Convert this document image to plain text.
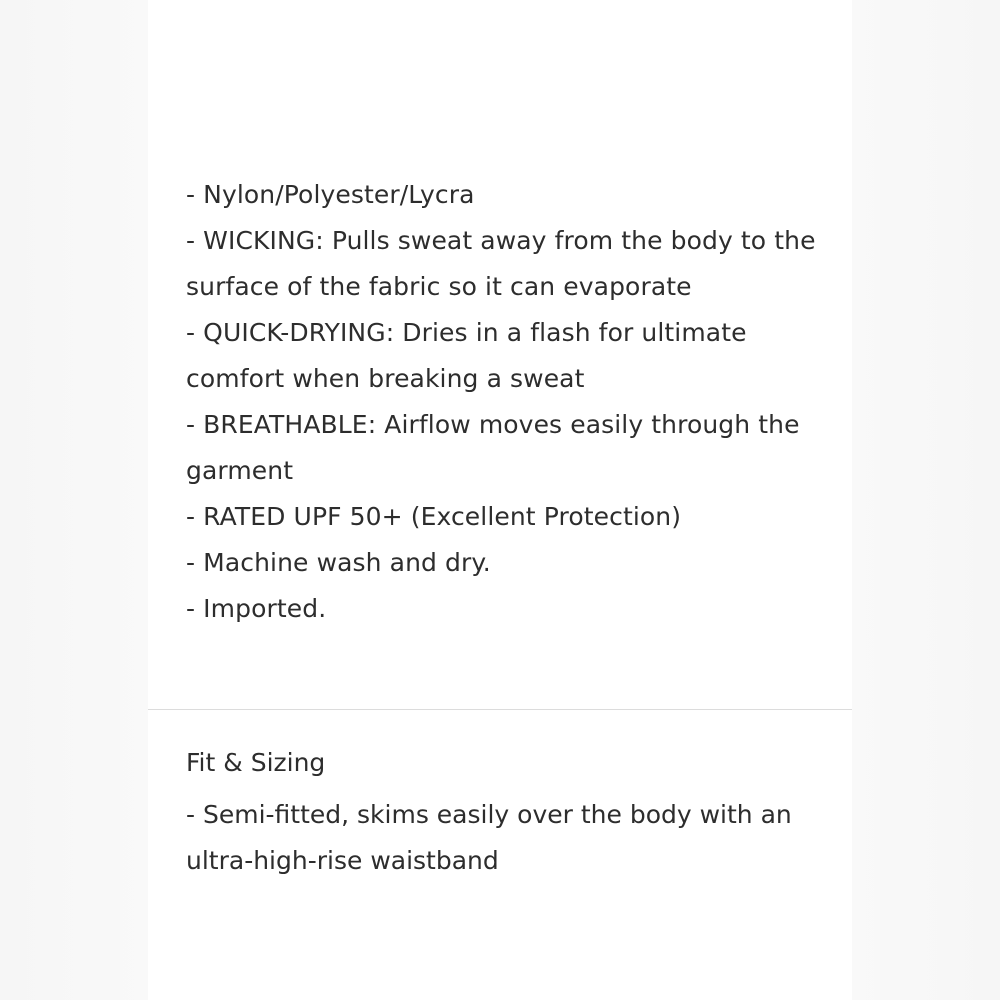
- Nylon/Polyester/Lycra
- WICKING: Pulls sweat away from the body to the surface of the fabric so it can evaporate
- QUICK-DRYING: Dries in a flash for ultimate comfort when breaking a sweat
- BREATHABLE: Airflow moves easily through the garment
- RATED UPF 50+ (Excellent Protection)
- Machine wash and dry.
- Imported.
Fit & Sizing
- Semi-fitted, skims easily over the body with an ultra-high-rise waistband
